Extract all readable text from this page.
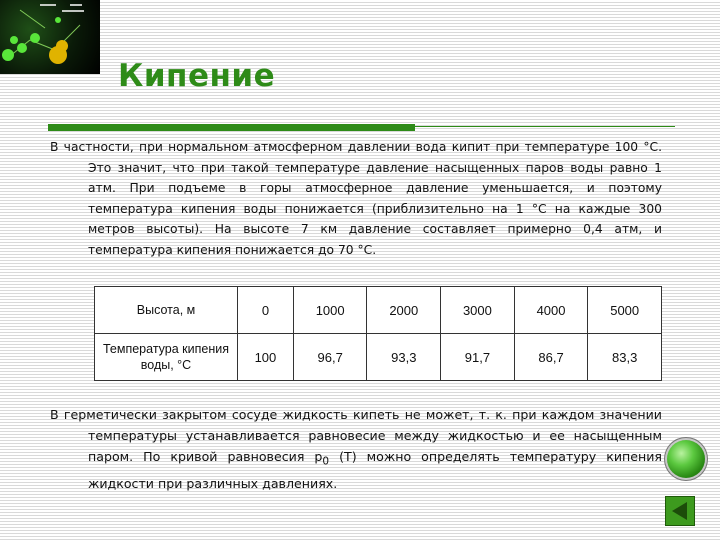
Кипение
В частности, при нормальном атмосферном давлении вода кипит при температуре 100 °С. Это значит, что при такой температуре давление насыщенных паров воды равно 1 атм. При подъеме в горы атмосферное давление уменьшается, и поэтому температура кипения воды понижается (приблизительно на 1 °С на каждые 300 метров высоты). На высоте 7 км давление составляет примерно 0,4 атм, и температура кипения понижается до 70 °С.
Высота, м	0	1000	2000	3000	4000	5000
Температура кипения воды, °С	100	96,7	93,3	91,7	86,7	83,3
В герметически закрытом сосуде жидкость кипеть не может, т. к. при каждом значении температуры устанавливается равновесие между жидкостью и ее насыщенным паром. По кривой равновесия $p_0$ (T) можно определять температуру кипения жидкости при различных давлениях.
